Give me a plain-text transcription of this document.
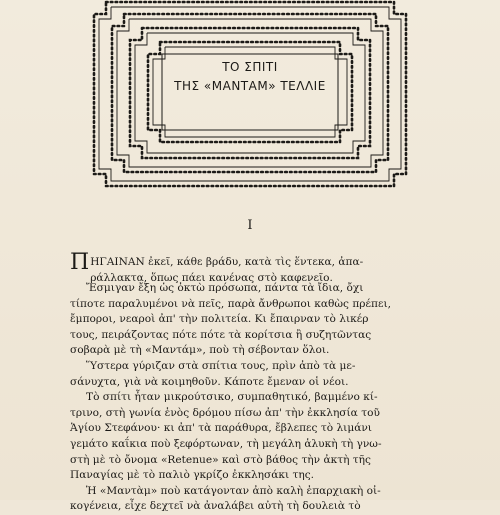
ΤΟ ΣΠΙΤΙ
ΤΗΣ «ΜΑΝΤΑΜ» ΤΕΛΛΙΕ
I
Π ΗΓΑΙΝΑΝ ἐκεῖ, κάθε βράδυ, κατὰ τὶς ἕντεκα, ἀπα-
ράλλακτα, ὅπως πάει κανένας στὸ καφενεῖο.
Ἔσμιγαν ἔξη ὡς ὀκτὼ πρόσωπα, πάντα τὰ ἴδια, ὄχι
τίποτε παραλυμένοι νὰ πεῖς, παρὰ ἄνθρωποι καθὼς πρέπει,
ἔμποροι, νεαροὶ ἀπ' τὴν πολιτεία. Κι ἔπαιρναν τὸ λικέρ
τους, πειράζοντας πότε πότε τὰ κορίτσια ἢ συζητῶντας
σοβαρὰ μὲ τὴ «Μαντάμ», ποὺ τὴ σέβονταν ὅλοι.
Ὕστερα γύριζαν στὰ σπίτια τους, πρὶν ἀπὸ τὰ με-
σάνυχτα, γιὰ νὰ κοιμηθοῦν. Κάποτε ἔμεναν οἱ νέοι.
Τὸ σπίτι ἦταν μικρούτσικο, συμπαθητικό, βαμμένο κί-
τρινο, στὴ γωνία ἑνὸς δρόμου πίσω ἀπ' τὴν ἐκκλησία τοῦ
Ἁγίου Στεφάνου· κι ἀπ' τὰ παράθυρα, ἔβλεπες τὸ λιμάνι
γεμάτο καΐκια ποὺ ξεφόρτωναν, τὴ μεγάλη ἁλυκὴ τὴ γνω-
στὴ μὲ τὸ ὄνομα «Retenue» καὶ στὸ βάθος τὴν ἀκτὴ τῆς
Παναγίας μὲ τὸ παλιὸ γκρίζο ἐκκλησάκι της.
Ἡ «Μαντὰμ» ποὺ κατάγονταν ἀπὸ καλὴ ἐπαρχιακὴ οἰ-
κογένεια, εἶχε δεχτεῖ νὰ ἀναλάβει αὐτὴ τὴ δουλειὰ τὸ
